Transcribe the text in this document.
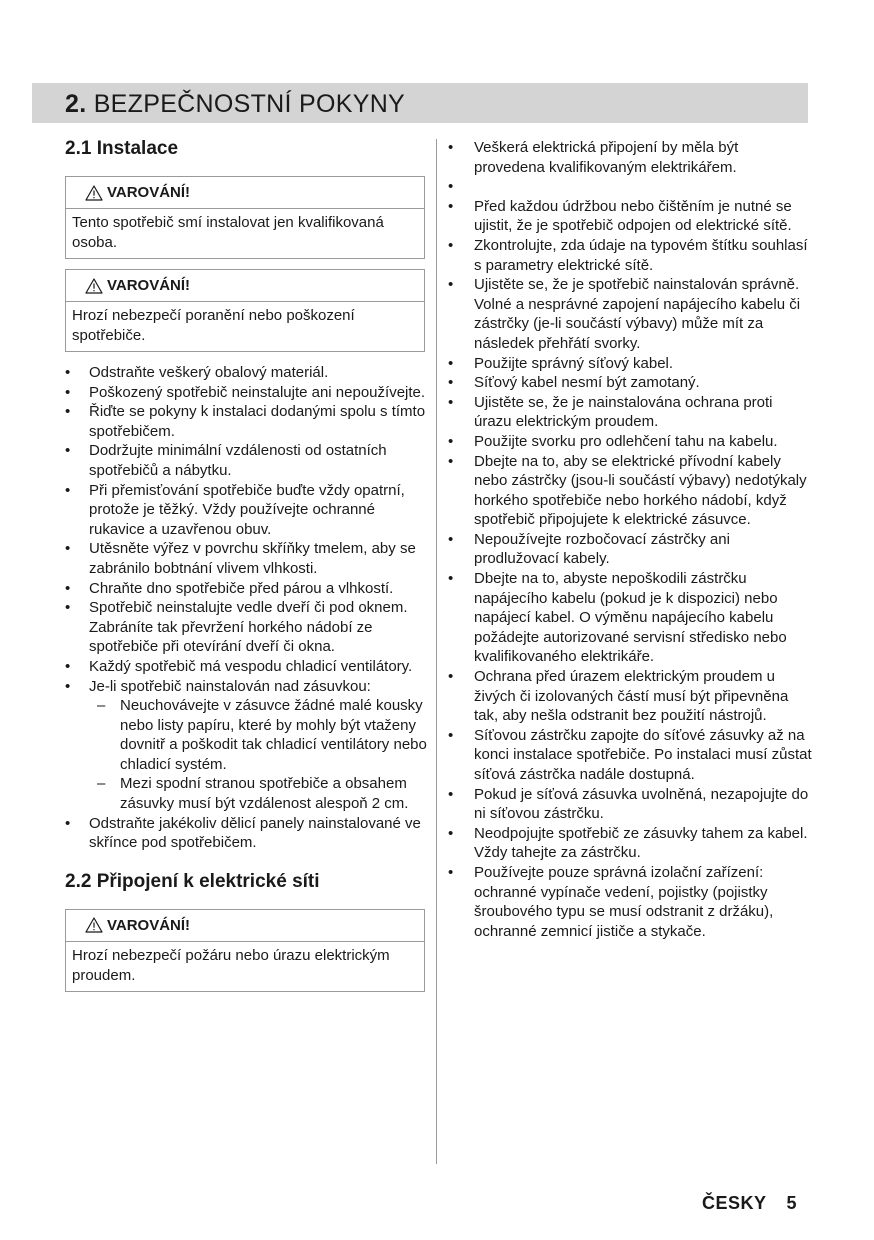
2. BEZPEČNOSTNÍ POKYNY
2.1 Instalace
VAROVÁNÍ!
Tento spotřebič smí instalovat jen kvalifikovaná osoba.
VAROVÁNÍ!
Hrozí nebezpečí poranění nebo poškození spotřebiče.
• Odstraňte veškerý obalový materiál.
• Poškozený spotřebič neinstalujte ani nepoužívejte.
• Řiďte se pokyny k instalaci dodanými spolu s tímto spotřebičem.
• Dodržujte minimální vzdálenosti od ostatních spotřebičů a nábytku.
• Při přemisťování spotřebiče buďte vždy opatrní, protože je těžký. Vždy používejte ochranné rukavice a uzavřenou obuv.
• Utěsněte výřez v povrchu skříňky tmelem, aby se zabránilo bobtnání vlivem vlhkosti.
• Chraňte dno spotřebiče před párou a vlhkostí.
• Spotřebič neinstalujte vedle dveří či pod oknem. Zabráníte tak převržení horkého nádobí ze spotřebiče při otevírání dveří či okna.
• Každý spotřebič má vespodu chladicí ventilátory.
• Je-li spotřebič nainstalován nad zásuvkou:
– Neuchovávejte v zásuvce žádné malé kousky nebo listy papíru, které by mohly být vtaženy dovnitř a poškodit tak chladicí ventilátory nebo chladicí systém.
– Mezi spodní stranou spotřebiče a obsahem zásuvky musí být vzdálenost alespoň 2 cm.
• Odstraňte jakékoliv dělicí panely nainstalované ve skřínce pod spotřebičem.
2.2 Připojení k elektrické síti
VAROVÁNÍ!
Hrozí nebezpečí požáru nebo úrazu elektrickým proudem.
• Veškerá elektrická připojení by měla být provedena kvalifikovaným elektrikářem.
•

• Před každou údržbou nebo čištěním je nutné se ujistit, že je spotřebič odpojen od elektrické sítě.
• Zkontrolujte, zda údaje na typovém štítku souhlasí s parametry elektrické sítě.
• Ujistěte se, že je spotřebič nainstalován správně. Volné a nesprávné zapojení napájecího kabelu či zástrčky (je-li součástí výbavy) může mít za následek přehřátí svorky.
• Použijte správný síťový kabel.
• Síťový kabel nesmí být zamotaný.
• Ujistěte se, že je nainstalována ochrana proti úrazu elektrickým proudem.
• Použijte svorku pro odlehčení tahu na kabelu.
• Dbejte na to, aby se elektrické přívodní kabely nebo zástrčky (jsou-li součástí výbavy) nedotýkaly horkého spotřebiče nebo horkého nádobí, když spotřebič připojujete k elektrické zásuvce.
• Nepoužívejte rozbočovací zástrčky ani prodlužovací kabely.
• Dbejte na to, abyste nepoškodili zástrčku napájecího kabelu (pokud je k dispozici) nebo napájecí kabel. O výměnu napájecího kabelu požádejte autorizované servisní středisko nebo kvalifikovaného elektrikáře.
• Ochrana před úrazem elektrickým proudem u živých či izolovaných částí musí být připevněna tak, aby nešla odstranit bez použití nástrojů.
• Síťovou zástrčku zapojte do síťové zásuvky až na konci instalace spotřebiče. Po instalaci musí zůstat síťová zástrčka nadále dostupná.
• Pokud je síťová zásuvka uvolněná, nezapojujte do ni síťovou zástrčku.
• Neodpojujte spotřebič ze zásuvky tahem za kabel. Vždy tahejte za zástrčku.
• Používejte pouze správná izolační zařízení: ochranné vypínače vedení, pojistky (pojistky šroubového typu se musí odstranit z držáku), ochranné zemnicí jističe a stykače.
ČESKY 5
